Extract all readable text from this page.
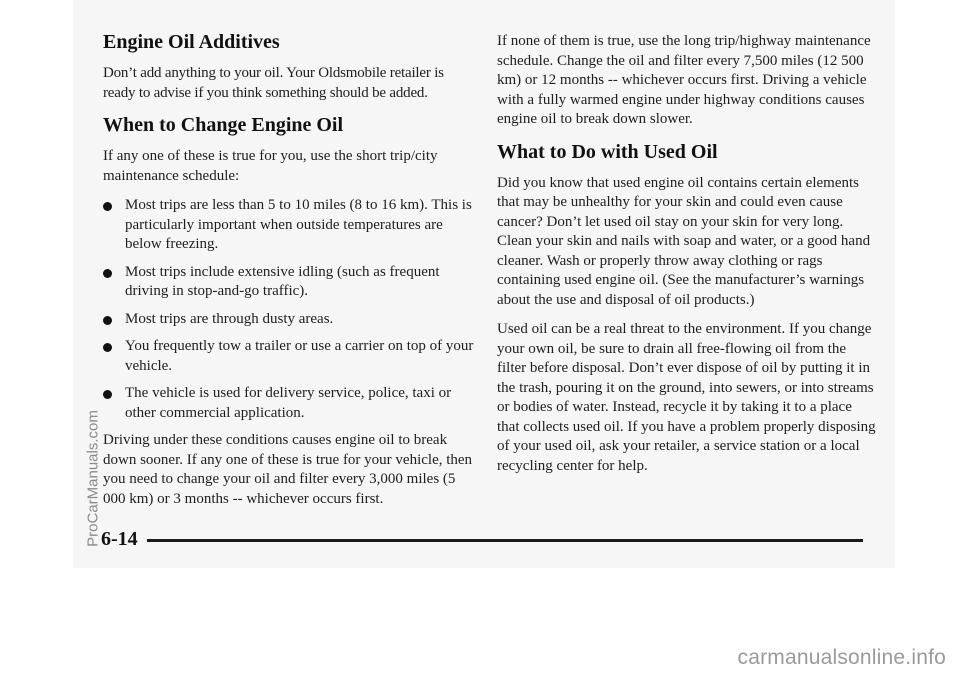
Engine Oil Additives

Don’t add anything to your oil. Your Oldsmobile retailer is ready to advise if you think something should be added.

When to Change Engine Oil

If any one of these is true for you, use the short trip/city maintenance schedule:

Most trips are less than 5 to 10 miles (8 to 16 km). This is particularly important when outside temperatures are below freezing.
Most trips include extensive idling (such as frequent driving in stop-and-go traffic).
Most trips are through dusty areas.
You frequently tow a trailer or use a carrier on top of your vehicle.
The vehicle is used for delivery service, police, taxi or other commercial application.

Driving under these conditions causes engine oil to break down sooner. If any one of these is true for your vehicle, then you need to change your oil and filter every 3,000 miles (5 000 km) or 3 months -- whichever occurs first.

If none of them is true, use the long trip/highway maintenance schedule. Change the oil and filter every 7,500 miles (12 500 km) or 12 months -- whichever occurs first. Driving a vehicle with a fully warmed engine under highway conditions causes engine oil to break down slower.

What to Do with Used Oil

Did you know that used engine oil contains certain elements that may be unhealthy for your skin and could even cause cancer? Don’t let used oil stay on your skin for very long. Clean your skin and nails with soap and water, or a good hand cleaner. Wash or properly throw away clothing or rags containing used engine oil. (See the manufacturer’s warnings about the use and disposal of oil products.)

Used oil can be a real threat to the environment. If you change your own oil, be sure to drain all free-flowing oil from the filter before disposal. Don’t ever dispose of oil by putting it in the trash, pouring it on the ground, into sewers, or into streams or bodies of water. Instead, recycle it by taking it to a place that collects used oil. If you have a problem properly disposing of your used oil, ask your retailer, a service station or a local recycling center for help.

6-14
ProCarManuals.com
carmanualsonline.info
